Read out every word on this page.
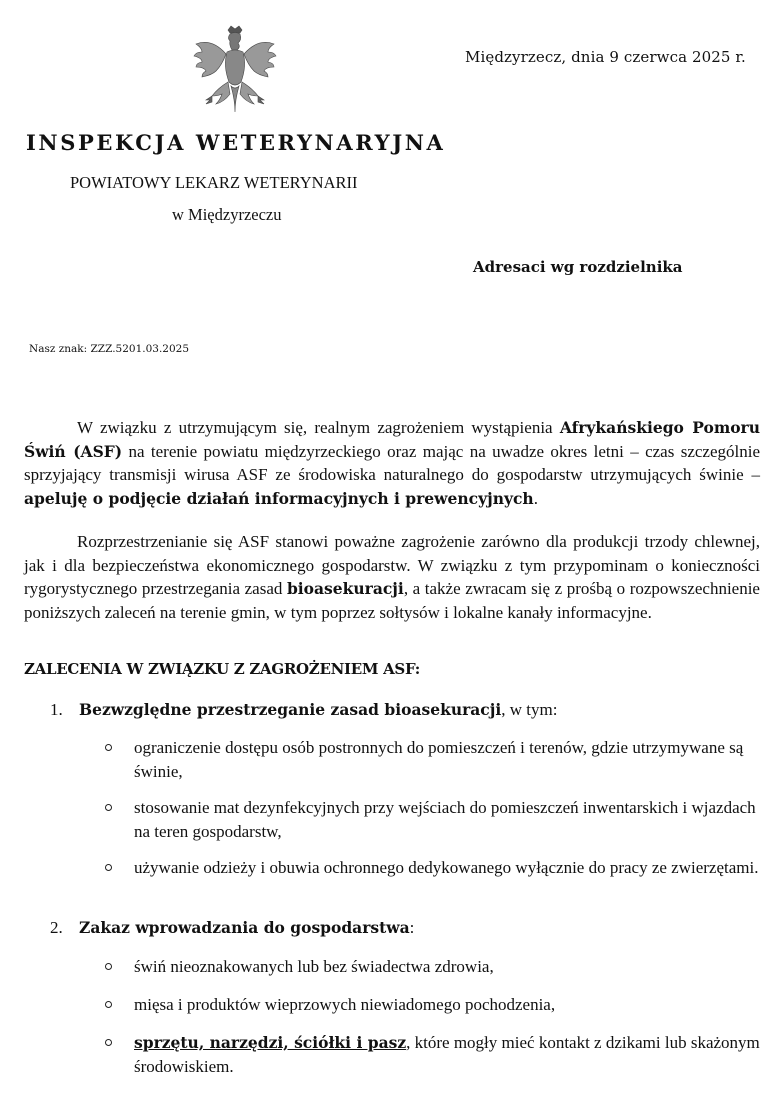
Międzyrzecz, dnia 9 czerwca 2025 r.
INSPEKCJA WETERYNARYJNA
POWIATOWY LEKARZ WETERYNARII
w Międzyrzeczu
Adresaci wg rozdzielnika
Nasz znak: ZZZ.5201.03.2025
W związku z utrzymującym się, realnym zagrożeniem wystąpienia Afrykańskiego Pomoru Świń (ASF) na terenie powiatu międzyrzeckiego oraz mając na uwadze okres letni – czas szczególnie sprzyjający transmisji wirusa ASF ze środowiska naturalnego do gospodarstw utrzymujących świnie – apeluję o podjęcie działań informacyjnych i prewencyjnych.
Rozprzestrzenianie się ASF stanowi poważne zagrożenie zarówno dla produkcji trzody chlewnej, jak i dla bezpieczeństwa ekonomicznego gospodarstw. W związku z tym przypominam o konieczności rygorystycznego przestrzegania zasad bioasekuracji, a także zwracam się z prośbą o rozpowszechnienie poniższych zaleceń na terenie gmin, w tym poprzez sołtysów i lokalne kanały informacyjne.
ZALECENIA W ZWIĄZKU Z ZAGROŻENIEM ASF:
1. Bezwzględne przestrzeganie zasad bioasekuracji, w tym:
ograniczenie dostępu osób postronnych do pomieszczeń i terenów, gdzie utrzymywane są świnie,
stosowanie mat dezynfekcyjnych przy wejściach do pomieszczeń inwentarskich i wjazdach na teren gospodarstw,
używanie odzieży i obuwia ochronnego dedykowanego wyłącznie do pracy ze zwierzętami.
2. Zakaz wprowadzania do gospodarstwa:
świń nieoznakowanych lub bez świadectwa zdrowia,
mięsa i produktów wieprzowych niewiadomego pochodzenia,
sprzętu, narzędzi, ściółki i pasz, które mogły mieć kontakt z dzikami lub skażonym środowiskiem.
